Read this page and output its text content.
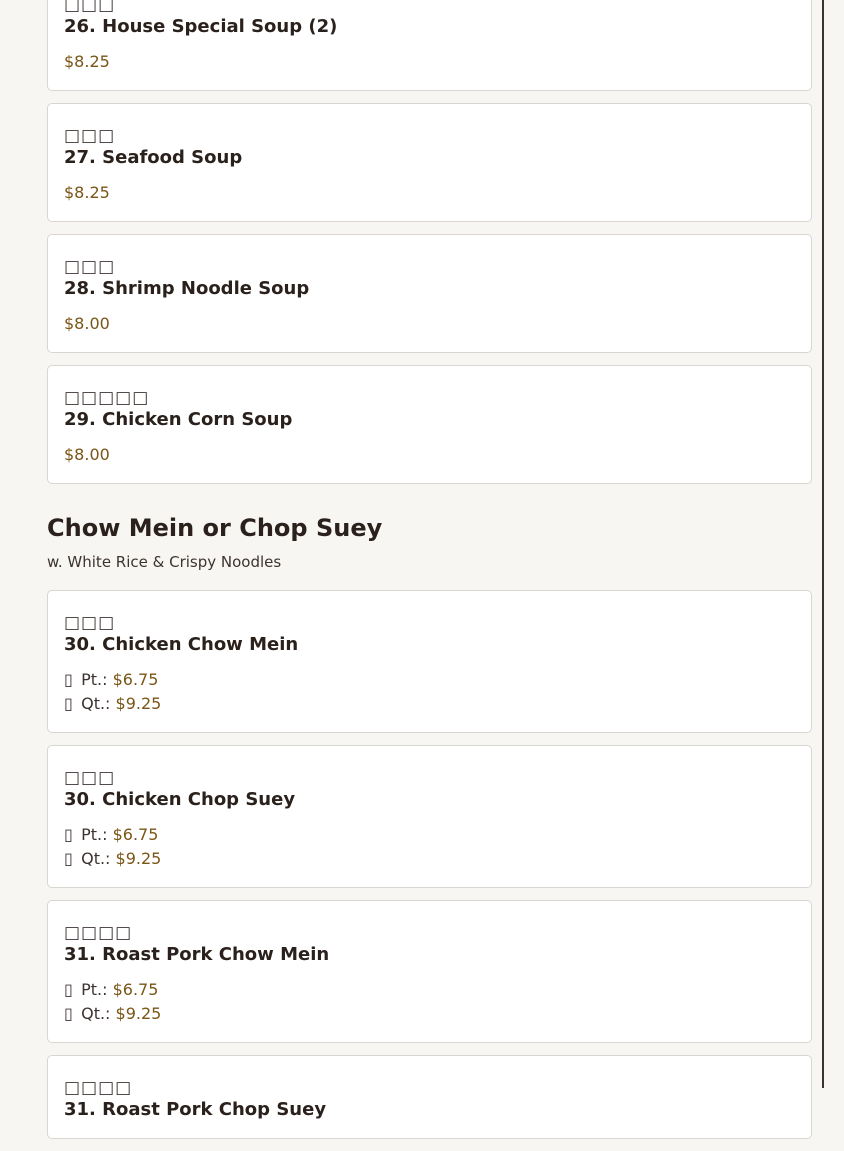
□□□
26. House Special Soup (2)
$8.25
□□□
27. Seafood Soup
$8.25
□□□
28. Shrimp Noodle Soup
$8.00
□□□□□
29. Chicken Corn Soup
$8.00
Chow Mein or Chop Suey

w. White Rice & Crispy Noodles

□□□
30. Chicken Chow Mein
▯ Pt.: $6.75
▯ Qt.: $9.25
□□□
30. Chicken Chop Suey
▯ Pt.: $6.75
▯ Qt.: $9.25
□□□□
31. Roast Pork Chow Mein
▯ Pt.: $6.75
▯ Qt.: $9.25
□□□□
31. Roast Pork Chop Suey
